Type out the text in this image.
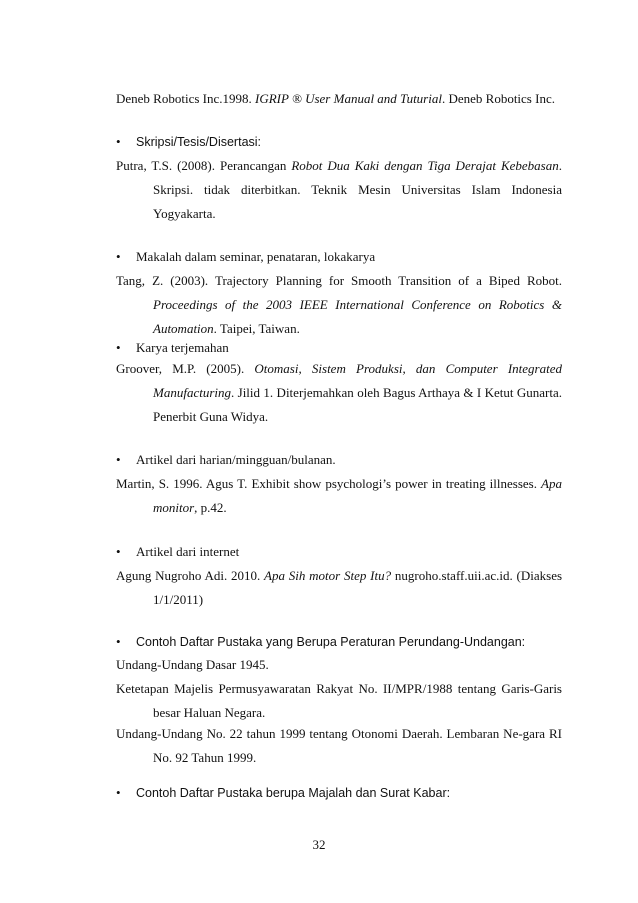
Deneb Robotics Inc.1998. IGRIP ® User Manual and Tuturial. Deneb Robotics Inc.

• Skripsi/Tesis/Disertasi:

Putra, T.S. (2008). Perancangan Robot Dua Kaki dengan Tiga Derajat Kebebasan. Skripsi. tidak diterbitkan. Teknik Mesin Universitas Islam Indonesia Yogyakarta.

• Makalah dalam seminar, penataran, lokakarya

Tang, Z. (2003). Trajectory Planning for Smooth Transition of a Biped Robot. Proceedings of the 2003 IEEE International Conference on Robotics & Automation. Taipei, Taiwan.

• Karya terjemahan

Groover, M.P. (2005). Otomasi, Sistem Produksi, dan Computer Integrated Manufacturing. Jilid 1. Diterjemahkan oleh Bagus Arthaya & I Ketut Gunarta. Penerbit Guna Widya.

• Artikel dari harian/mingguan/bulanan.

Martin, S. 1996. Agus T. Exhibit show psychologi’s power in treating illnesses. Apa monitor, p.42.

• Artikel dari internet

Agung Nugroho Adi. 2010. Apa Sih motor Step Itu? nugroho.staff.uii.ac.id. (Diakses 1/1/2011)

• Contoh Daftar Pustaka yang Berupa Peraturan Perundang-Undangan:

Undang-Undang Dasar 1945.

Ketetapan Majelis Permusyawaratan Rakyat No. II/MPR/1988 tentang Garis-Garis besar Haluan Negara.

Undang-Undang No. 22 tahun 1999 tentang Otonomi Daerah. Lembaran Ne-gara RI No. 92 Tahun 1999.

• Contoh Daftar Pustaka berupa Majalah dan Surat Kabar:
32
